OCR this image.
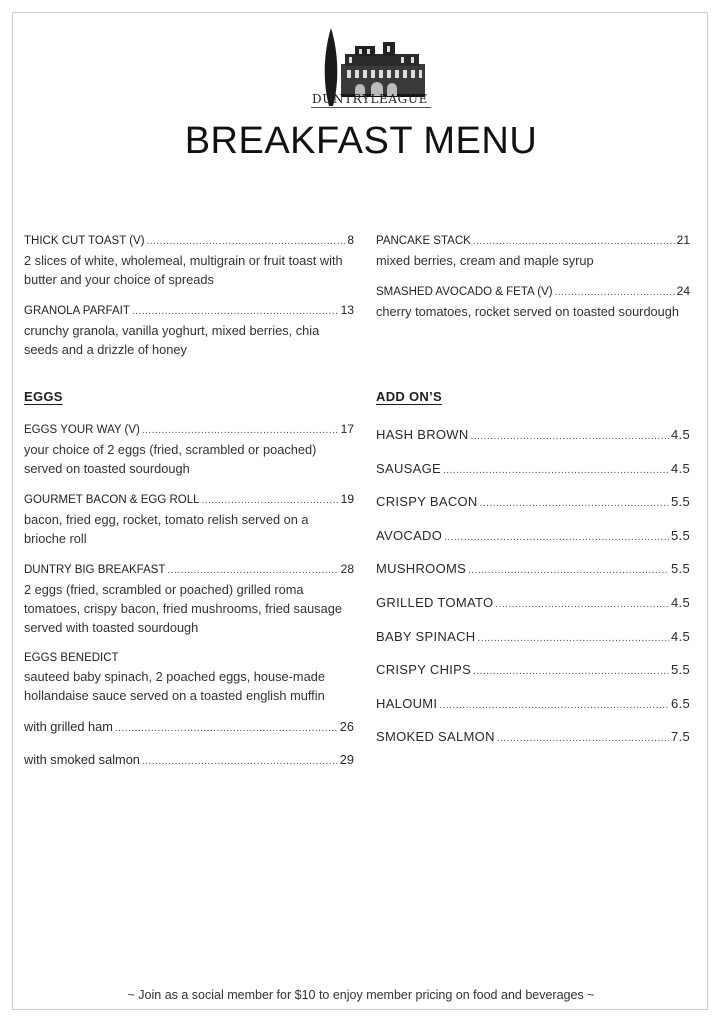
DUNTRYLEAGUE
BREAKFAST MENU
THICK CUT TOAST (V) .....	8
2 slices of white, wholemeal, multigrain or fruit toast with butter and your choice of spreads
GRANOLA PARFAIT .....	13
crunchy granola, vanilla yoghurt, mixed berries, chia seeds and a drizzle of honey
PANCAKE STACK .....	21
mixed berries, cream and maple syrup
SMASHED AVOCADO & FETA (V) .....	24
cherry tomatoes, rocket served on toasted sourdough
EGGS
EGGS YOUR WAY (V) .....	17
your choice of 2 eggs (fried, scrambled or poached) served on toasted sourdough
GOURMET BACON & EGG ROLL .....	19
bacon, fried egg, rocket, tomato relish served on a brioche roll
DUNTRY BIG BREAKFAST .....	28
2 eggs (fried, scrambled or poached) grilled roma tomatoes, crispy bacon, fried mushrooms, fried sausage served with toasted sourdough
EGGS BENEDICT
sauteed baby spinach, 2 poached eggs, house-made hollandaise sauce served on a toasted english muffin
with grilled ham .....	26
with smoked salmon .....	29
ADD ON’S
HASH BROWN .....	4.5
SAUSAGE .....	4.5
CRISPY BACON .....	5.5
AVOCADO .....	5.5
MUSHROOMS .....	5.5
GRILLED TOMATO .....	4.5
BABY SPINACH .....	4.5
CRISPY CHIPS .....	5.5
HALOUMI .....	6.5
SMOKED SALMON .....	7.5
~ Join as a social member for $10 to enjoy member pricing on food and beverages ~
